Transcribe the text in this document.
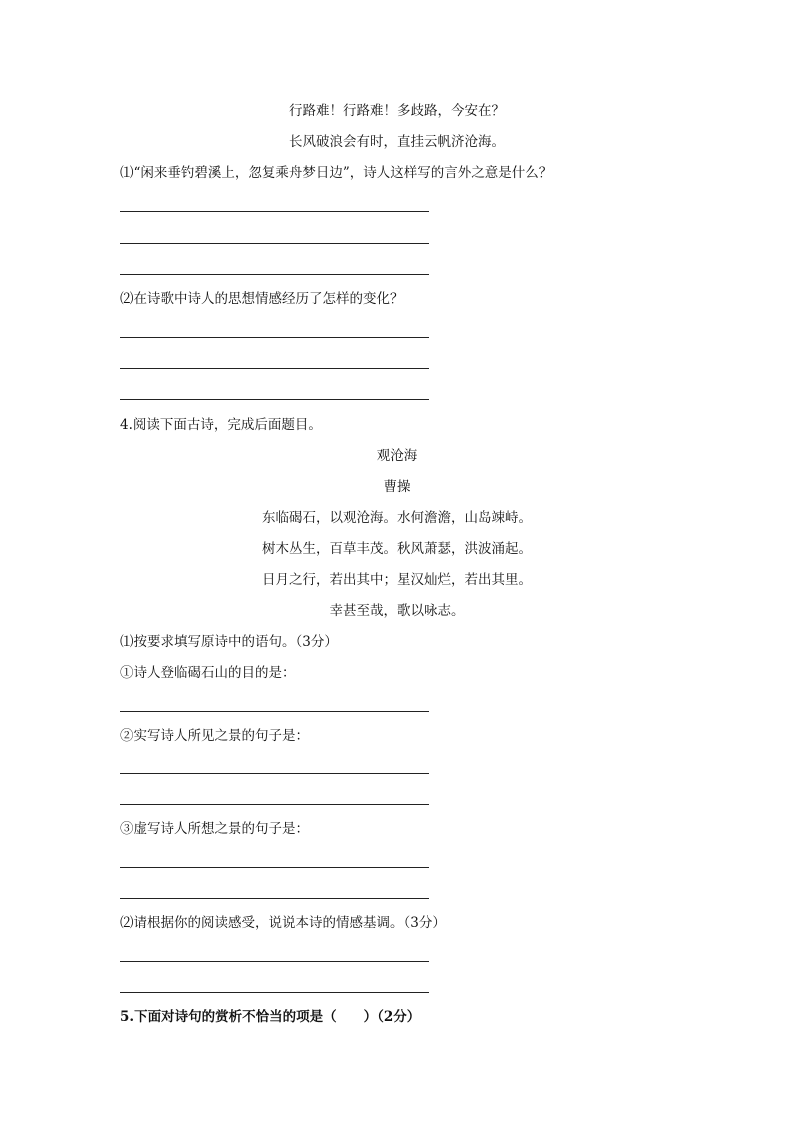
行路难！行路难！多歧路，今安在？
长风破浪会有时，直挂云帆济沧海。
⑴“闲来垂钓碧溪上，忽复乘舟梦日边”，诗人这样写的言外之意是什么？
⑵在诗歌中诗人的思想情感经历了怎样的变化？
4.阅读下面古诗，完成后面题目。
观沧海
曹操
东临碣石，以观沧海。水何澹澹，山岛竦峙。
树木丛生，百草丰茂。秋风萧瑟，洪波涌起。
日月之行，若出其中；星汉灿烂，若出其里。
幸甚至哉，歌以咏志。
⑴按要求填写原诗中的语句。（3分）
①诗人登临碣石山的目的是：
②实写诗人所见之景的句子是：
③虚写诗人所想之景的句子是：
⑵请根据你的阅读感受，说说本诗的情感基调。（3分）
5.下面对诗句的赏析不恰当的项是（　　）（2分）
